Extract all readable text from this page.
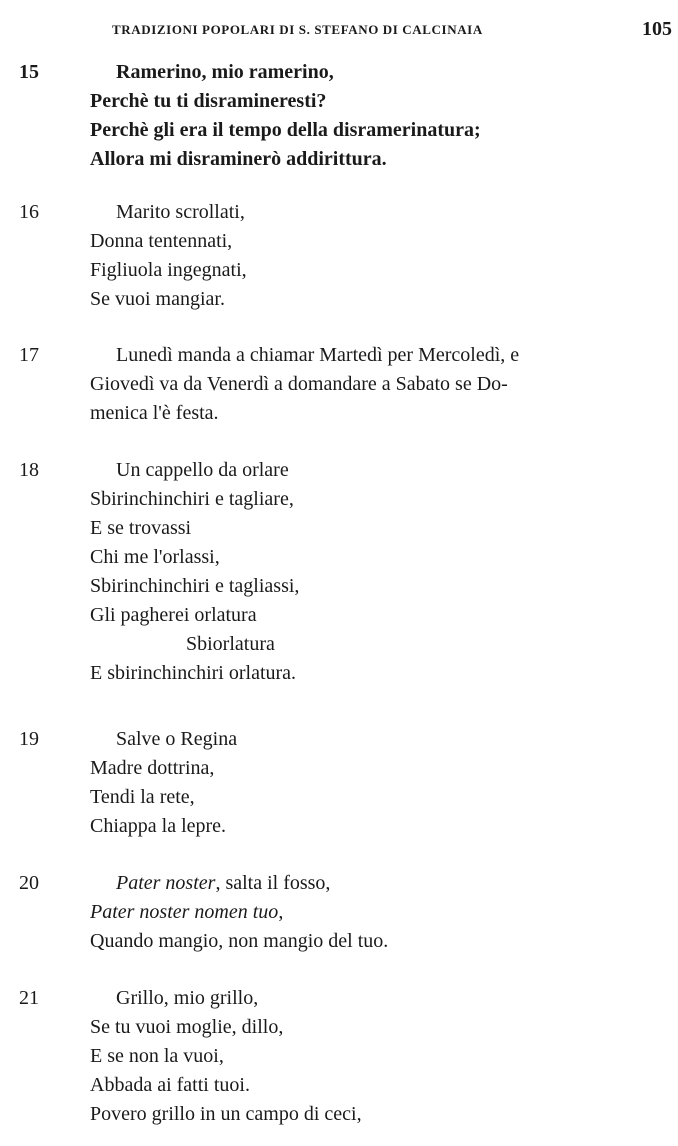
TRADIZIONI POPOLARI DI S. STEFANO DI CALCINAIA	105
15	Ramerino, mio ramerino,
Perchè tu ti disramineresti?
Perchè gli era il tempo della disramerinatura;
Allora mi disraminerò addirittura.
16	Marito scrollati,
Donna tentennati,
Figliuola ingegnati,
Se vuoi mangiar.
17	Lunedì manda a chiamar Martedì per Mercoledì, e
Giovedì va da Venerdì a domandare a Sabato se Do-
menica l'è festa.
18	Un cappello da orlare
Sbirinchinchiri e tagliare,
E se trovassi
Chi me l'orlassi,
Sbirinchinchiri e tagliassi,
Gli pagherei orlatura
Sbiorlatura
E sbirinchinchiri orlatura.
19	Salve o Regina
Madre dottrina,
Tendi la rete,
Chiappa la lepre.
20	Pater noster, salta il fosso,
Pater noster nomen tuo,
Quando mangio, non mangio del tuo.
21	Grillo, mio grillo,
Se tu vuoi moglie, dillo,
E se non la vuoi,
Abbada ai fatti tuoi.
Povero grillo in un campo di ceci,
